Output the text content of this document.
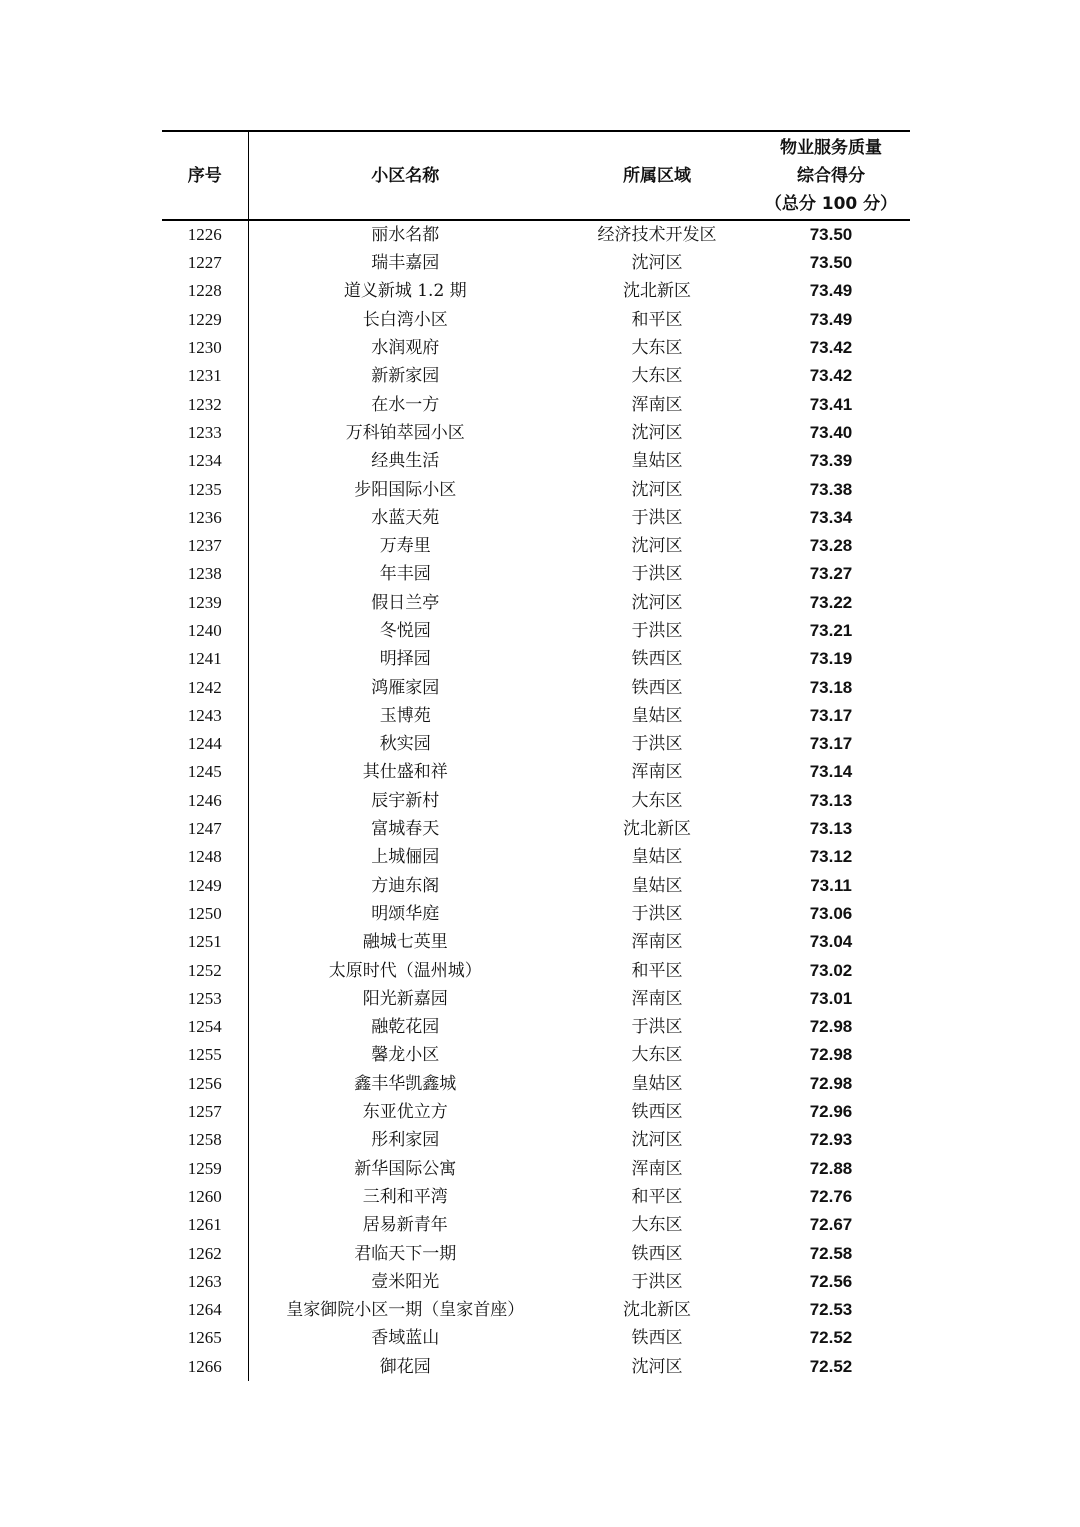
序号	小区名称	所属区域	物业服务质量
综合得分
（总分 100 分）

1226	丽水名都	经济技术开发区	73.50
1227	瑞丰嘉园	沈河区	73.50
1228	道义新城 1.2 期	沈北新区	73.49
1229	长白湾小区	和平区	73.49
1230	水润观府	大东区	73.42
1231	新新家园	大东区	73.42
1232	在水一方	浑南区	73.41
1233	万科铂萃园小区	沈河区	73.40
1234	经典生活	皇姑区	73.39
1235	步阳国际小区	沈河区	73.38
1236	水蓝天苑	于洪区	73.34
1237	万寿里	沈河区	73.28
1238	年丰园	于洪区	73.27
1239	假日兰亭	沈河区	73.22
1240	冬悦园	于洪区	73.21
1241	明择园	铁西区	73.19
1242	鸿雁家园	铁西区	73.18
1243	玉博苑	皇姑区	73.17
1244	秋实园	于洪区	73.17
1245	其仕盛和祥	浑南区	73.14
1246	辰宇新村	大东区	73.13
1247	富城春天	沈北新区	73.13
1248	上城俪园	皇姑区	73.12
1249	方迪东阁	皇姑区	73.11
1250	明颂华庭	于洪区	73.06
1251	融城七英里	浑南区	73.04
1252	太原时代（温州城）	和平区	73.02
1253	阳光新嘉园	浑南区	73.01
1254	融乾花园	于洪区	72.98
1255	馨龙小区	大东区	72.98
1256	鑫丰华凯鑫城	皇姑区	72.98
1257	东亚优立方	铁西区	72.96
1258	彤利家园	沈河区	72.93
1259	新华国际公寓	浑南区	72.88
1260	三利和平湾	和平区	72.76
1261	居易新青年	大东区	72.67
1262	君临天下一期	铁西区	72.58
1263	壹米阳光	于洪区	72.56
1264	皇家御院小区一期（皇家首座）	沈北新区	72.53
1265	香域蓝山	铁西区	72.52
1266	御花园	沈河区	72.52
